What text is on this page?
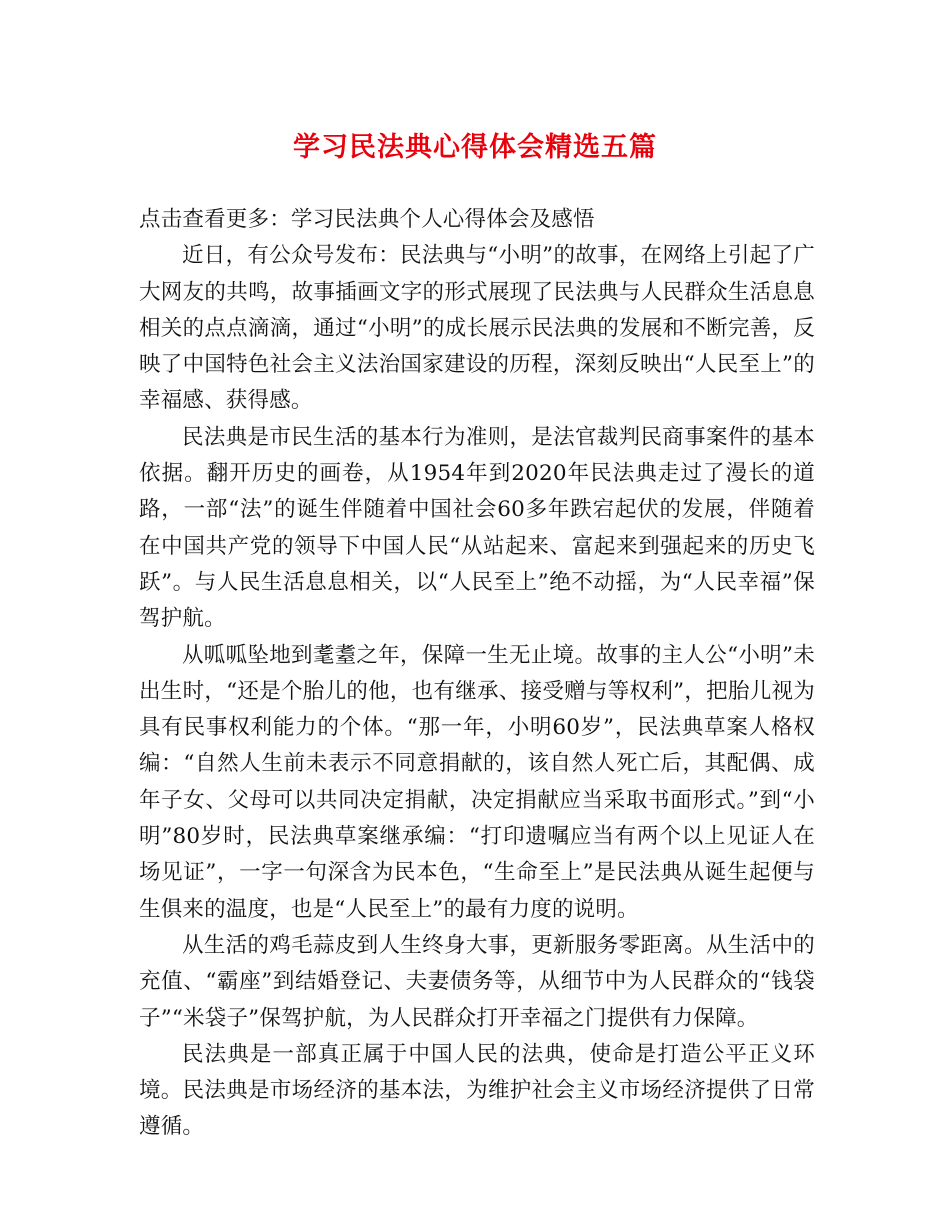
学习民法典心得体会精选五篇

点击查看更多：学习民法典个人心得体会及感悟

近日，有公众号发布：民法典与“小明”的故事，在网络上引起了广大网友的共鸣，故事插画文字的形式展现了民法典与人民群众生活息息相关的点点滴滴，通过“小明”的成长展示民法典的发展和不断完善，反映了中国特色社会主义法治国家建设的历程，深刻反映出“人民至上”的幸福感、获得感。

民法典是市民生活的基本行为准则，是法官裁判民商事案件的基本依据。翻开历史的画卷，从1954年到2020年民法典走过了漫长的道路，一部“法”的诞生伴随着中国社会60多年跌宕起伏的发展，伴随着在中国共产党的领导下中国人民“从站起来、富起来到强起来的历史飞跃”。与人民生活息息相关，以“人民至上”绝不动摇，为“人民幸福”保驾护航。

从呱呱坠地到耄耋之年，保障一生无止境。故事的主人公“小明”未出生时，“还是个胎儿的他，也有继承、接受赠与等权利”，把胎儿视为具有民事权利能力的个体。“那一年，小明60岁”，民法典草案人格权编：“自然人生前未表示不同意捐献的，该自然人死亡后，其配偶、成年子女、父母可以共同决定捐献，决定捐献应当采取书面形式。”到“小明”80岁时，民法典草案继承编：“打印遗嘱应当有两个以上见证人在场见证”，一字一句深含为民本色，“生命至上”是民法典从诞生起便与生俱来的温度，也是“人民至上”的最有力度的说明。

从生活的鸡毛蒜皮到人生终身大事，更新服务零距离。从生活中的充值、“霸座”到结婚登记、夫妻债务等，从细节中为人民群众的“钱袋子”“米袋子”保驾护航，为人民群众打开幸福之门提供有力保障。

民法典是一部真正属于中国人民的法典，使命是打造公平正义环境。民法典是市场经济的基本法，为维护社会主义市场经济提供了日常遵循。
